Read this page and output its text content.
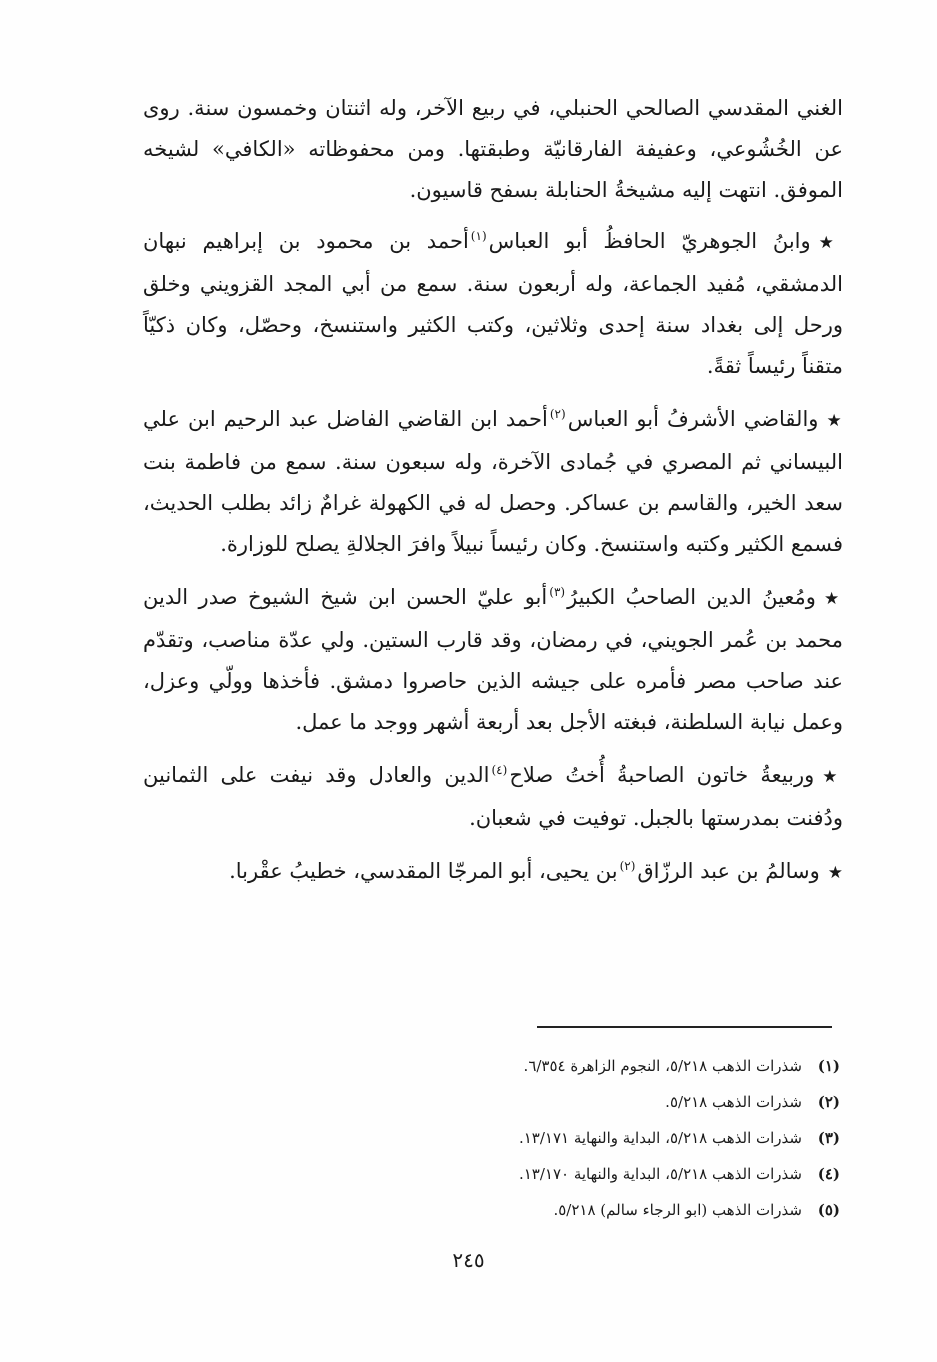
الغني المقدسي الصالحي الحنبلي، في ربيع الآخر، وله اثنتان وخمسون سنة. روى عن الخُشُوعي، وعفيفة الفارقانيّة وطبقتها. ومن محفوظاته «الكافي» لشيخه الموفق. انتهت إليه مشيخةُ الحنابلة بسفح قاسيون.

★وابنُ الجوهريّ الحافظُ أبو العباس$^{(١)}$أحمد بن محمود بن إبراهيم نبهان الدمشقي، مُفيد الجماعة، وله أربعون سنة. سمع من أبي المجد القزويني وخلق ورحل إلى بغداد سنة إحدى وثلاثين، وكتب الكثير واستنسخ، وحصّل، وكان ذكيّاً متقناً رئيساً ثقةً.

★والقاضي الأشرفُ أبو العباس$^{(٢)}$أحمد ابن القاضي الفاضل عبد الرحيم ابن علي البيساني ثم المصري في جُمادى الآخرة، وله سبعون سنة. سمع من فاطمة بنت سعد الخير، والقاسم بن عساكر. وحصل له في الكهولة غرامٌ زائد بطلب الحديث، فسمع الكثير وكتبه واستنسخ. وكان رئيساً نبيلاً وافرَ الجلالةِ يصلح للوزارة.

★ومُعينُ الدين الصاحبُ الكبيرُ$^{(٣)}$أبو عليّ الحسن ابن شيخ الشيوخ صدر الدين محمد بن عُمر الجويني، في رمضان، وقد قارب الستين. ولي عدّة مناصب، وتقدّم عند صاحب مصر فأمره على جيشه الذين حاصروا دمشق. فأخذها وولّي وعزل، وعمل نيابة السلطنة، فبغته الأجل بعد أربعة أشهر ووجد ما عمل.

★وربيعةُ خاتون الصاحبةُ أُختُ صلاح$^{(٤)}$الدين والعادل وقد نيفت على الثمانين ودُفنت بمدرستها بالجبل. توفيت في شعبان.

★وسالمُ بن عبد الرزّاق$^{(٢)}$بن يحيى، أبو المرجّا المقدسي، خطيبُ عقْربا.

(١)
شذرات الذهب ٥/٢١٨، النجوم الزاهرة ٦/٣٥٤.
(٢)
شذرات الذهب ٥/٢١٨.
(٣)
شذرات الذهب ٥/٢١٨، البداية والنهاية ١٣/١٧١.
(٤)
شذرات الذهب ٥/٢١٨، البداية والنهاية ١٣/١٧٠.
(٥)
شذرات الذهب (ابو الرجاء سالم) ٥/٢١٨.
٢٤٥
